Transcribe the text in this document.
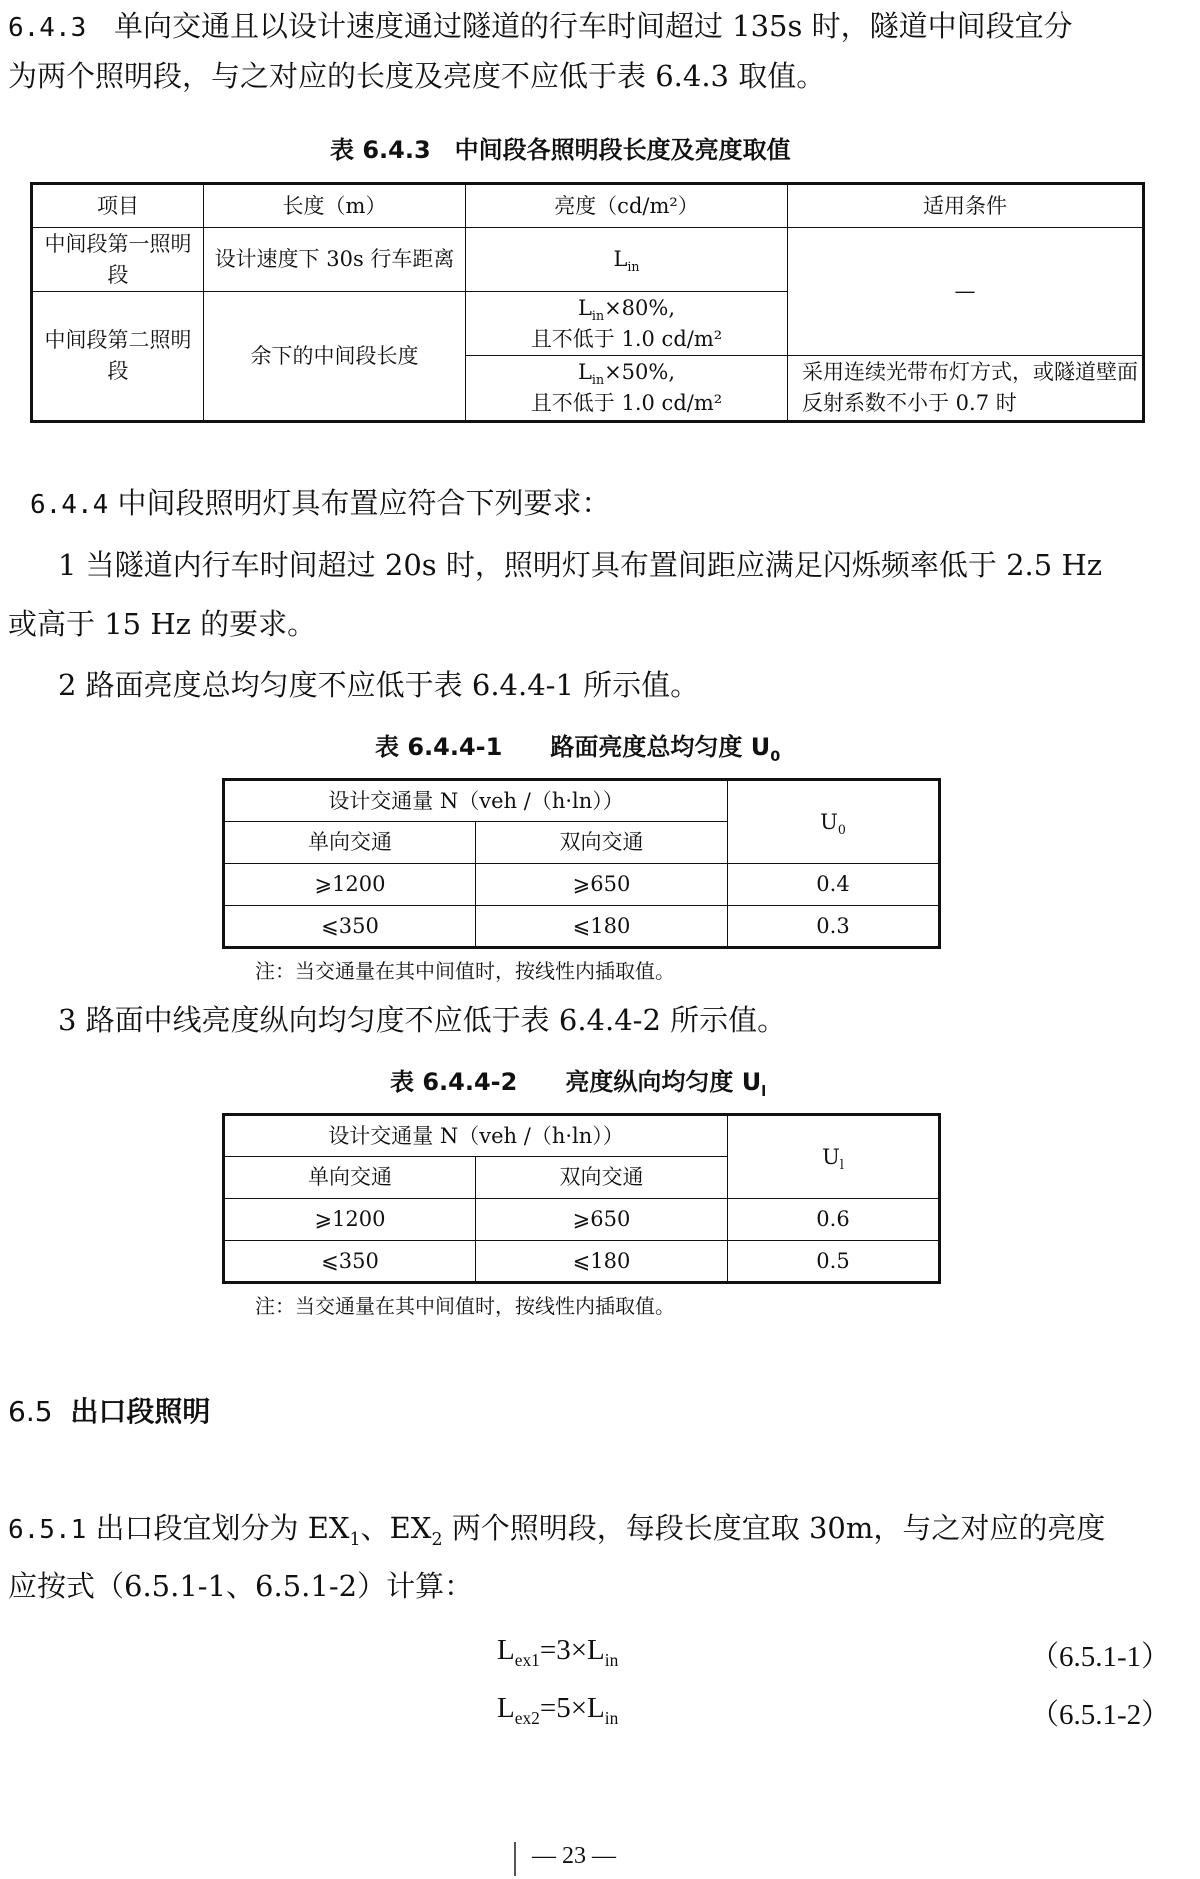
6.4.3 单向交通且以设计速度通过隧道的行车时间超过 135s 时，隧道中间段宜分
为两个照明段，与之对应的长度及亮度不应低于表 6.4.3 取值。
表 6.4.3　中间段各照明段长度及亮度取值
项目	长度（m）	亮度（cd/m²）	适用条件
中间段第一照明段	设计速度下 30s 行车距离	$L_{in}$	—
中间段第二照明段	余下的中间段长度	$L_{in}\times 80\%$,
且不低于 1.0 cd/m²	
		$L_{in}\times 50\%$,
且不低于 1.0 cd/m²	采用连续光带布灯方式，或隧道壁面反射系数不小于 0.7 时
6.4.4 中间段照明灯具布置应符合下列要求：
1 当隧道内行车时间超过 20s 时，照明灯具布置间距应满足闪烁频率低于 2.5 Hz
或高于 15 Hz 的要求。
2 路面亮度总均匀度不应低于表 6.4.4-1 所示值。
表 6.4.4-1　　路面亮度总均匀度 $U_0$
设计交通量 N（veh /（h·ln））		$U_0$
单向交通	双向交通	
⩾1200	⩾650	0.4
⩽350	⩽180	0.3
注：当交通量在其中间值时，按线性内插取值。
3 路面中线亮度纵向均匀度不应低于表 6.4.4-2 所示值。
表 6.4.4-2　　亮度纵向均匀度 $U_l$
设计交通量 N（veh /（h·ln））		$U_l$
单向交通	双向交通	
⩾1200	⩾650	0.6
⩽350	⩽180	0.5
注：当交通量在其中间值时，按线性内插取值。
6.5 出口段照明
6.5.1 出口段宜划分为 $EX_1$、$EX_2$ 两个照明段，每段长度宜取 30m，与之对应的亮度
应按式（6.5.1-1、6.5.1-2）计算：
$L_{ex1}=3\times L_{in}$	（6.5.1-1）
$L_{ex2}=5\times L_{in}$	（6.5.1-2）
— 23 —
